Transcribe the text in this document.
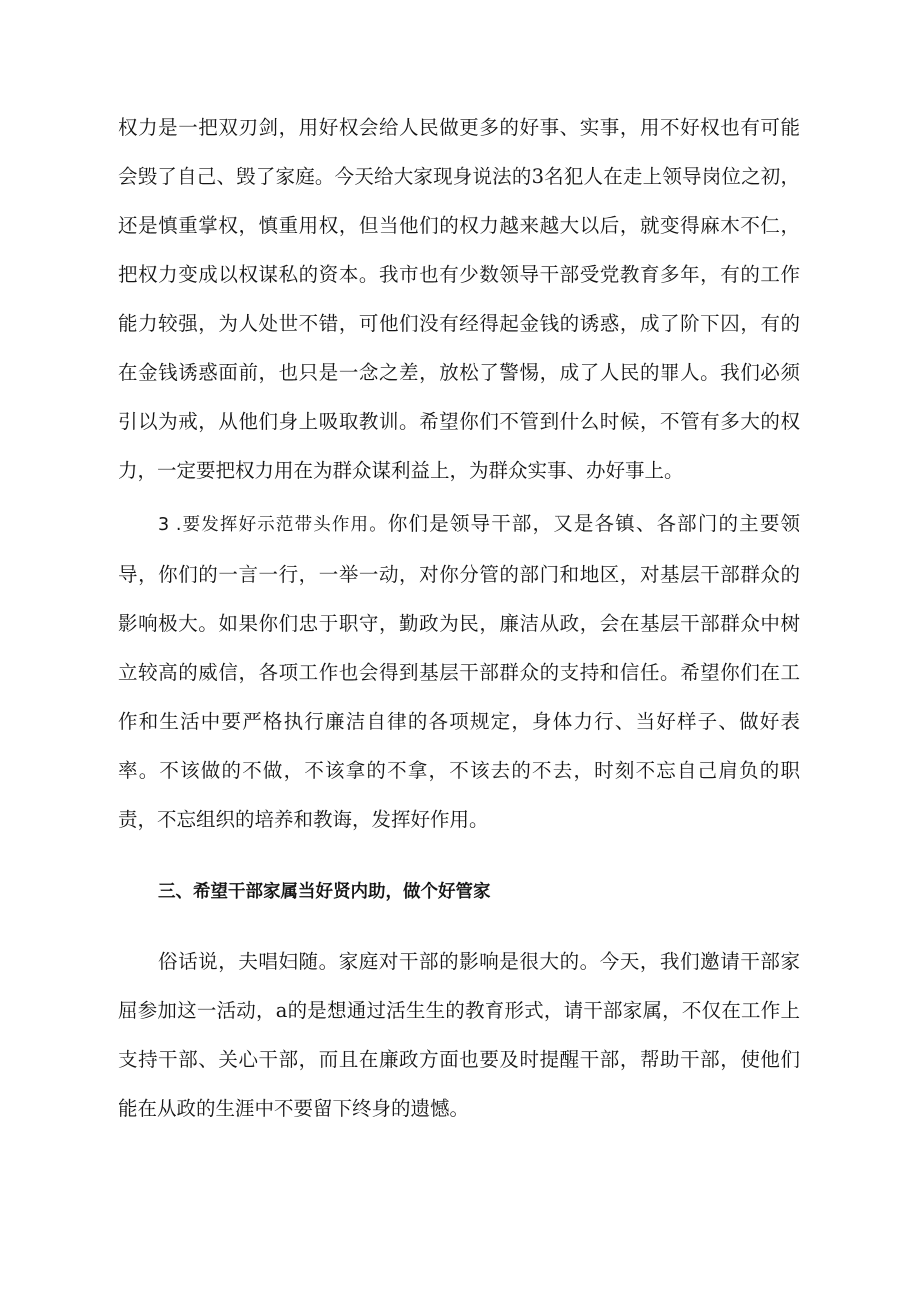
权力是一把双刃剑，用好权会给人民做更多的好事、实事，用不好权也有可能会毁了自己、毁了家庭。今天给大家现身说法的3名犯人在走上领导岗位之初，还是慎重掌权，慎重用权，但当他们的权力越来越大以后，就变得麻木不仁，把权力变成以权谋私的资本。我市也有少数领导干部受党教育多年，有的工作能力较强，为人处世不错，可他们没有经得起金钱的诱惑，成了阶下囚，有的在金钱诱惑面前，也只是一念之差，放松了警惕，成了人民的罪人。我们必须引以为戒，从他们身上吸取教训。希望你们不管到什么时候，不管有多大的权力，一定要把权力用在为群众谋利益上，为群众实事、办好事上。

3 .要发挥好示范带头作用。你们是领导干部，又是各镇、各部门的主要领导，你们的一言一行，一举一动，对你分管的部门和地区，对基层干部群众的影响极大。如果你们忠于职守，勤政为民，廉洁从政，会在基层干部群众中树立较高的威信，各项工作也会得到基层干部群众的支持和信任。希望你们在工作和生活中要严格执行廉洁自律的各项规定，身体力行、当好样子、做好表率。不该做的不做，不该拿的不拿，不该去的不去，时刻不忘自己肩负的职责，不忘组织的培养和教诲，发挥好作用。

三、希望干部家属当好贤内助，做个好管家

俗话说，夫唱妇随。家庭对干部的影响是很大的。今天，我们邀请干部家屈参加这一活动，a的是想通过活生生的教育形式，请干部家属，不仅在工作上支持干部、关心干部，而且在廉政方面也要及时提醒干部，帮助干部，使他们能在从政的生涯中不要留下终身的遗憾。
